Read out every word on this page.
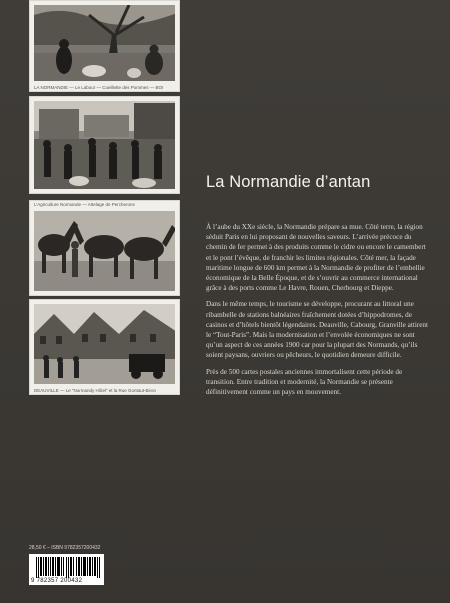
LA NORMANDIE — Le Labour — Cueillette des Pommes — BOI
L’Agriculture Normande — Attelage de Percherons
DEAUVILLE — Le “Normandy Hôtel” et la Rue Gontaut-Biron
La Normandie d’antan

À l’aube du XXe siècle, la Normandie prépare sa mue. Côté terre, la région séduit Paris en lui proposant de nouvelles saveurs. L’arrivée précoce du chemin de fer permet à des produits comme le cidre ou encore le camembert et le pont l’évêque, de franchir les limites régionales. Côté mer, la façade maritime longue de 600 km permet à la Normandie de profiter de l’embellie économique de la Belle Époque, et de s’ouvrir au commerce international grâce à des ports comme Le Havre, Rouen, Cherbourg et Dieppe.

Dans le même temps, le tourisme se développe, procurant au littoral une ribambelle de stations balnéaires fraîchement dotées d’hippodromes, de casinos et d’hôtels bientôt légendaires. Deauville, Cabourg, Granville attirent le “Tout-Paris”. Mais la modernisation et l’envolée économiques ne sont qu’un aspect de ces années 1900 car pour la plupart des Normands, qu’ils soient paysans, ouvriers ou pêcheurs, le quotidien demeure difficile.

Près de 500 cartes postales anciennes immortalisent cette période de transition. Entre tradition et modernité, la Normandie se présente définitivement comme un pays en mouvement.

28,50 € – ISBN 9782357200432
9 782357 200432
